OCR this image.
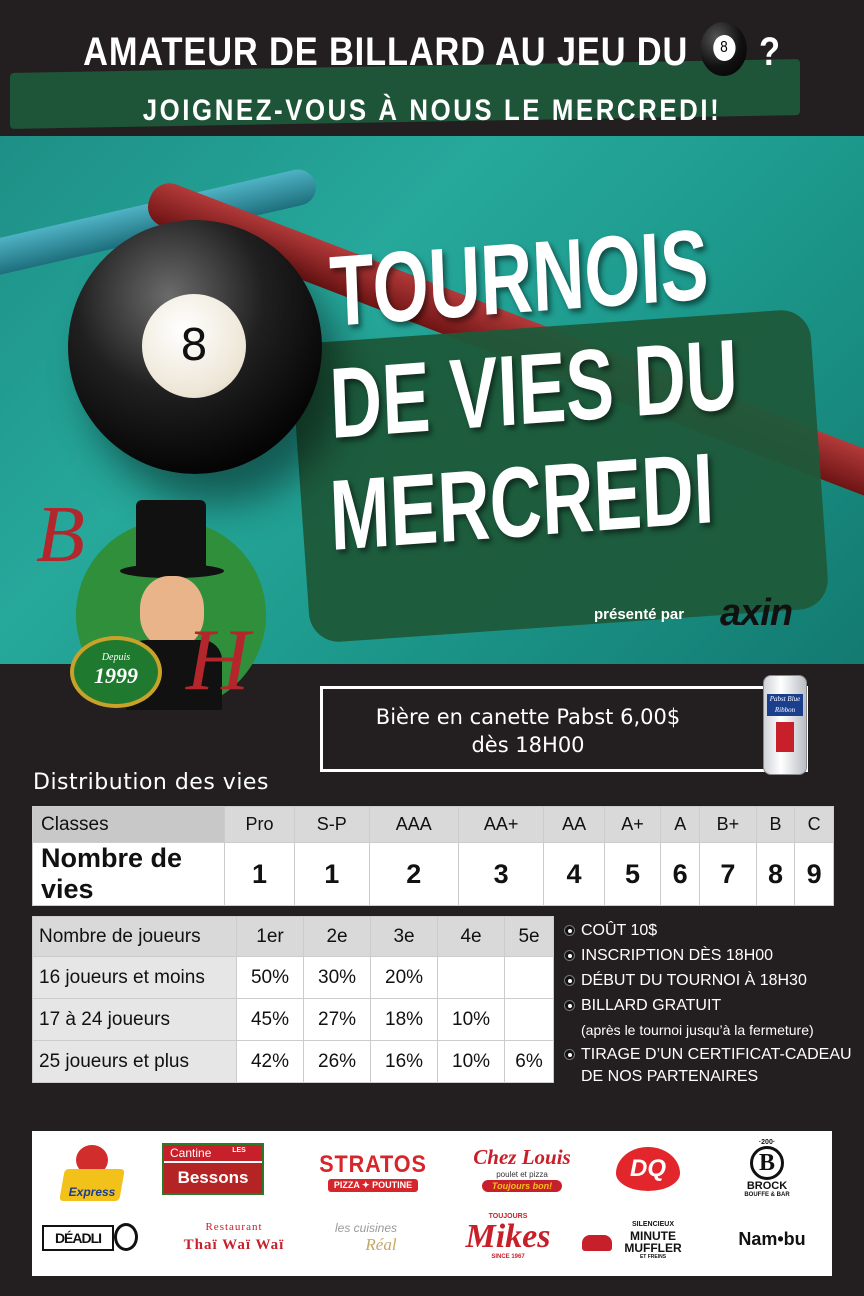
AMATEUR DE BILLARD AU JEU DU	8 ?
JOIGNEZ-VOUS À NOUS LE MERCREDI!
8	TOURNOIS
DE VIES DU
MERCREDI
présenté par axin
B
Depuis
1999 H
Bière en canette Pabst 6,00$
dès 18H00
Pabst Blue Ribbon
Distribution des vies
Classes	Pro	S-P	AAA	AA+	AA	A+	A	B+	B	C
Nombre de vies	1	1	2	3	4	5	6	7	8	9
Nombre de joueurs	1er	2e	3e	4e	5e
16 joueurs et moins	50%	30%	20%		
17 à 24 joueurs	45%	27%	18%	10%	
25 joueurs et plus	42%	26%	16%	10%	6%
COÛT 10$
INSCRIPTION DÈS 18H00
DÉBUT DU TOURNOI À 18H30
BILLARD GRATUIT
(après le tournoi jusqu’à la fermeture)
TIRAGE D’UN CERTIFICAT-CADEAU
DE NOS PARTENAIRES
Express
Cantine	LES
Bessons	STRATOS
PIZZA ✦ POUTINE
Chez Louis
poulet et pizza
Toujours bon!
DQ
·200·
B
BROCK
BOUFFE & BAR
DÉADLI
Restaurant
Thaï Waï Waï
les cuisines
Réal
TOUJOURS
Mikes
SINCE 1967
SILENCIEUX
MINUTE MUFFLER
ET FREINS
Nam•bu
